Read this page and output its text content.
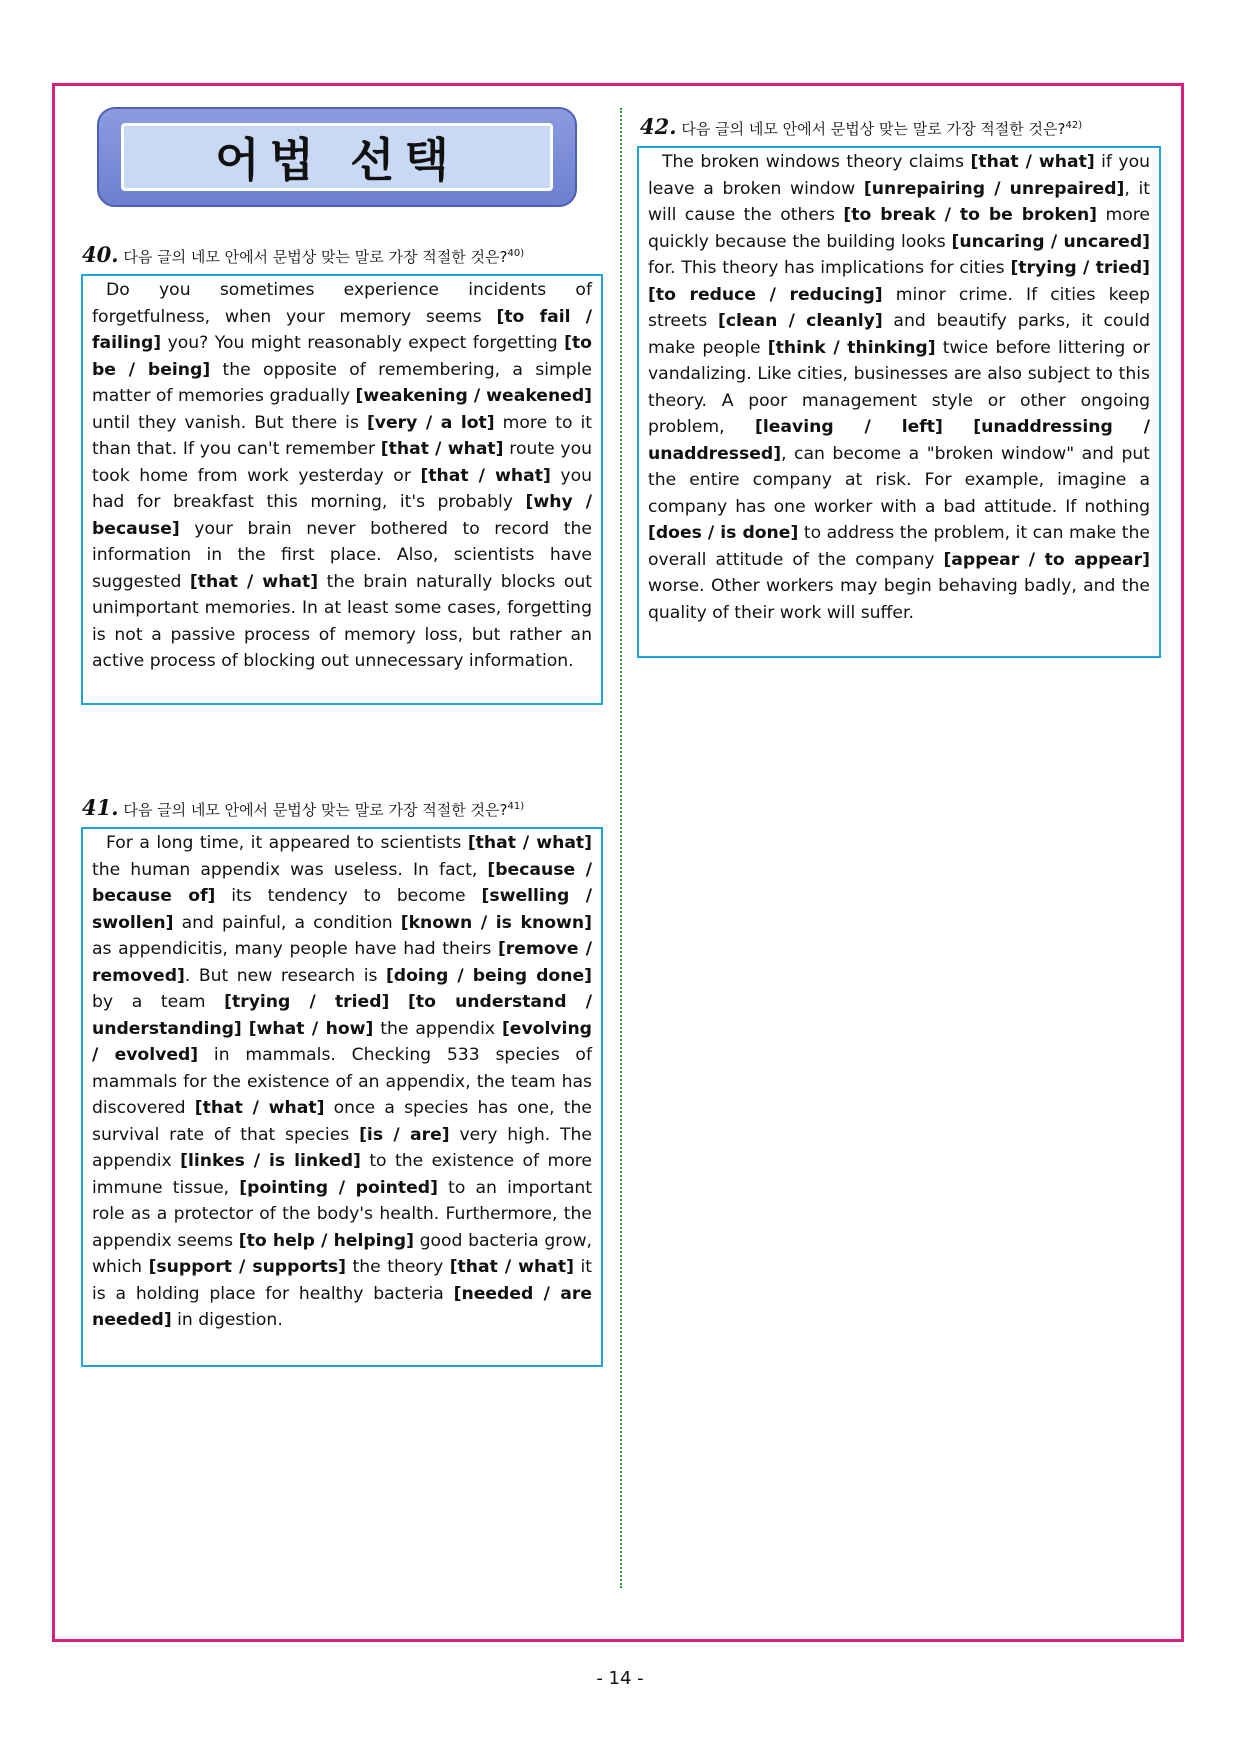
어법 선택
40. 다음 글의 네모 안에서 문법상 맞는 말로 가장 적절한 것은?$^{40)}$

Do you sometimes experience incidents of forgetfulness, when your memory seems [to fail / failing] you? You might reasonably expect forgetting [to be / being] the opposite of remembering, a simple matter of memories gradually [weakening / weakened] until they vanish. But there is [very / a lot] more to it than that. If you can't remember [that / what] route you took home from work yesterday or [that / what] you had for breakfast this morning, it's probably [why / because] your brain never bothered to record the information in the first place. Also, scientists have suggested [that / what] the brain naturally blocks out unimportant memories. In at least some cases, forgetting is not a passive process of memory loss, but rather an active process of blocking out unnecessary information.

41. 다음 글의 네모 안에서 문법상 맞는 말로 가장 적절한 것은?$^{41)}$

For a long time, it appeared to scientists [that / what] the human appendix was useless. In fact, [because / because of] its tendency to become [swelling / swollen] and painful, a condition [known / is known] as appendicitis, many people have had theirs [remove / removed]. But new research is [doing / being done] by a team [trying / tried] [to understand / understanding] [what / how] the appendix [evolving / evolved] in mammals. Checking 533 species of mammals for the existence of an appendix, the team has discovered [that / what] once a species has one, the survival rate of that species [is / are] very high. The appendix [linkes / is linked] to the existence of more immune tissue, [pointing / pointed] to an important role as a protector of the body's health. Furthermore, the appendix seems [to help / helping] good bacteria grow, which [support / supports] the theory [that / what] it is a holding place for healthy bacteria [needed / are needed] in digestion.

42. 다음 글의 네모 안에서 문법상 맞는 말로 가장 적절한 것은?$^{42)}$

The broken windows theory claims [that / what] if you leave a broken window [unrepairing / unrepaired], it will cause the others [to break / to be broken] more quickly because the building looks [uncaring / uncared] for. This theory has implications for cities [trying / tried] [to reduce / reducing] minor crime. If cities keep streets [clean / cleanly] and beautify parks, it could make people [think / thinking] twice before littering or vandalizing. Like cities, businesses are also subject to this theory. A poor management style or other ongoing problem, [leaving / left] [unaddressing / unaddressed], can become a "broken window" and put the entire company at risk. For example, imagine a company has one worker with a bad attitude. If nothing [does / is done] to address the problem, it can make the overall attitude of the company [appear / to appear] worse. Other workers may begin behaving badly, and the quality of their work will suffer.

- 14 -
